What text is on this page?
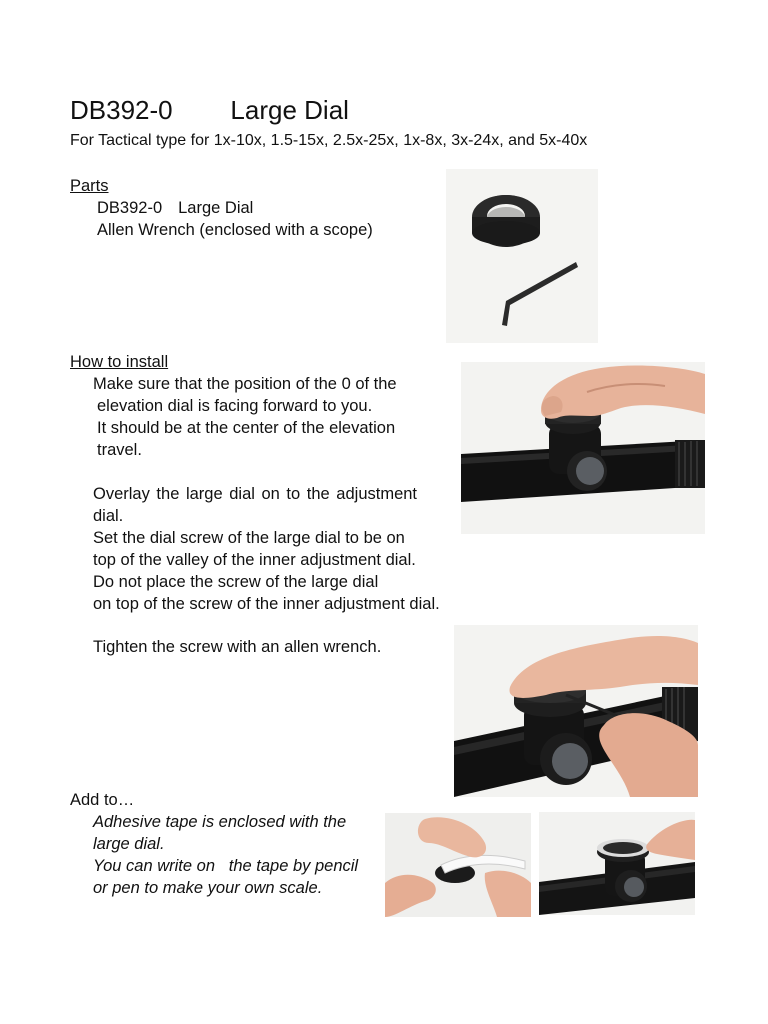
DB392-0 Large Dial
For Tactical type for 1x-10x, 1.5-15x, 2.5x-25x, 1x-8x, 3x-24x, and 5x-40x
Parts
DB392-0 Large Dial
Allen Wrench (enclosed with a scope)
How to install
Make sure that the position of the 0 of the
elevation dial is facing forward to you.
It should be at the center of the elevation
travel.
Overlay the large dial on to the adjustment
dial.
Set the dial screw of the large dial to be on
top of the valley of the inner adjustment dial.
Do not place the screw of the large dial
on top of the screw of the inner adjustment dial.
Tighten the screw with an allen wrench.
Add to…
Adhesive tape is enclosed with the
large dial.
You can write on   the tape by pencil
or pen to make your own scale.
